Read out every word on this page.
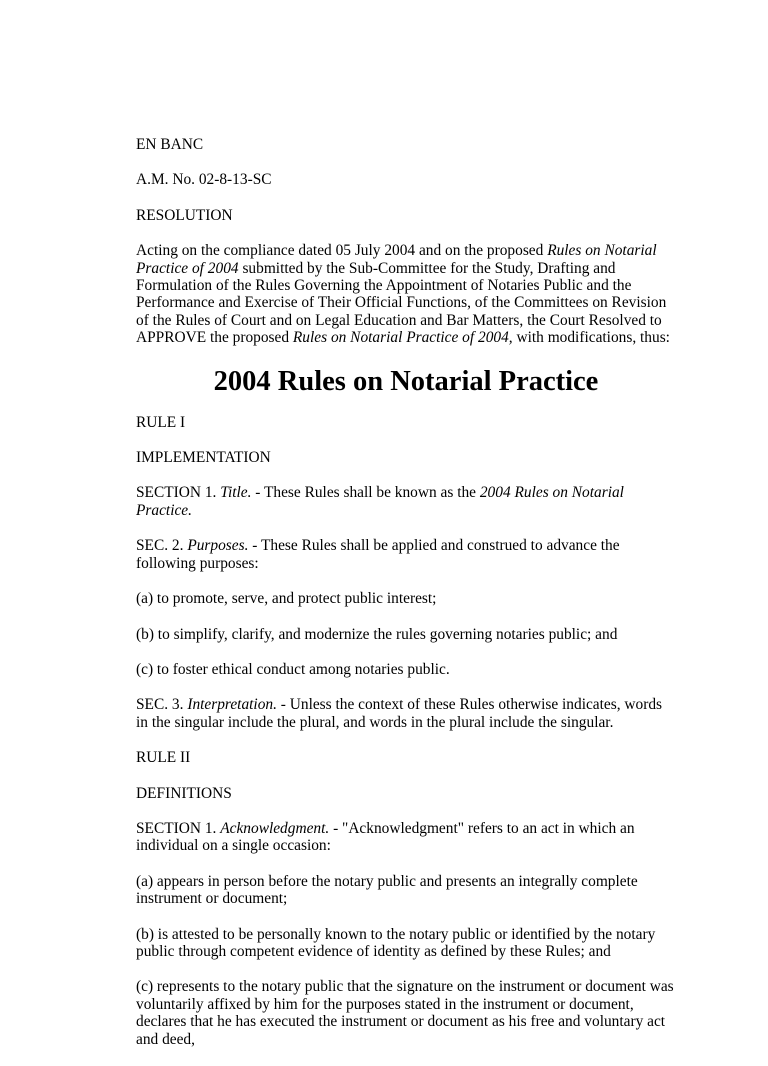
EN BANC

A.M. No. 02-8-13-SC

RESOLUTION

Acting on the compliance dated 05 July 2004 and on the proposed Rules on Notarial Practice of 2004 submitted by the Sub-Committee for the Study, Drafting and Formulation of the Rules Governing the Appointment of Notaries Public and the Performance and Exercise of Their Official Functions, of the Committees on Revision of the Rules of Court and on Legal Education and Bar Matters, the Court Resolved to APPROVE the proposed Rules on Notarial Practice of 2004, with modifications, thus:

2004 Rules on Notarial Practice

RULE I

IMPLEMENTATION

SECTION 1. Title. - These Rules shall be known as the 2004 Rules on Notarial Practice.

SEC. 2. Purposes. - These Rules shall be applied and construed to advance the following purposes:

(a) to promote, serve, and protect public interest;

(b) to simplify, clarify, and modernize the rules governing notaries public; and

(c) to foster ethical conduct among notaries public.

SEC. 3. Interpretation. - Unless the context of these Rules otherwise indicates, words in the singular include the plural, and words in the plural include the singular.

RULE II

DEFINITIONS

SECTION 1. Acknowledgment. - "Acknowledgment" refers to an act in which an individual on a single occasion:

(a) appears in person before the notary public and presents an integrally complete instrument or document;

(b) is attested to be personally known to the notary public or identified by the notary public through competent evidence of identity as defined by these Rules; and

(c) represents to the notary public that the signature on the instrument or document was voluntarily affixed by him for the purposes stated in the instrument or document, declares that he has executed the instrument or document as his free and voluntary act and deed,
